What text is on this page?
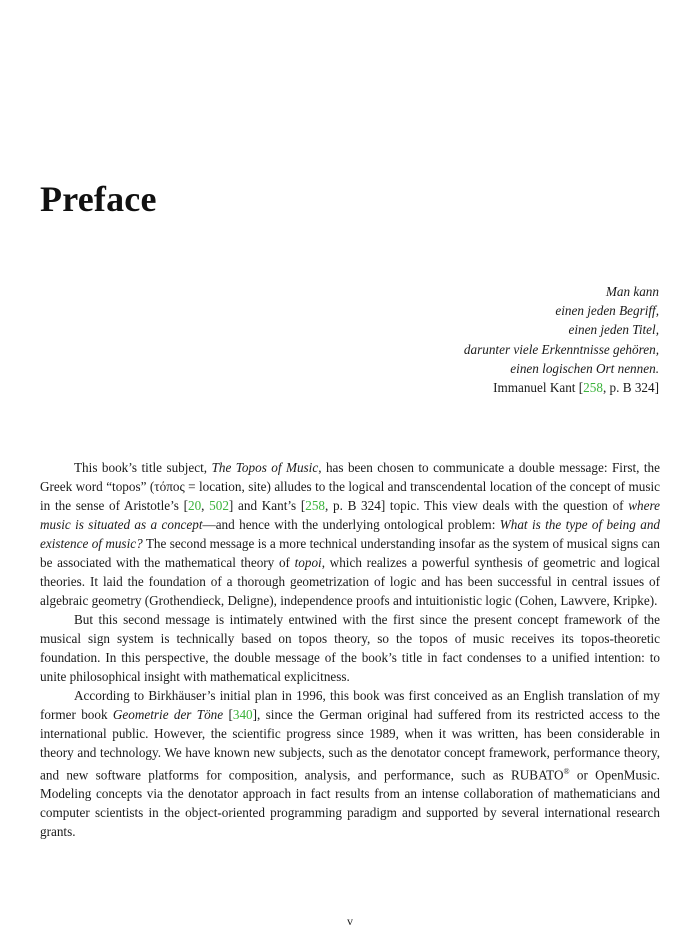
Preface
Man kann
einen jeden Begriff,
einen jeden Titel,
darunter viele Erkenntnisse gehören,
einen logischen Ort nennen.
Immanuel Kant [258, p. B 324]

This book’s title subject, The Topos of Music, has been chosen to communicate a double message: First, the Greek word “topos” (τόπος = location, site) alludes to the logical and transcendental location of the concept of music in the sense of Aristotle’s [20, 502] and Kant’s [258, p. B 324] topic. This view deals with the question of where music is situated as a concept—and hence with the underlying ontological problem: What is the type of being and existence of music? The second message is a more technical understanding insofar as the system of musical signs can be associated with the mathematical theory of topoi, which realizes a powerful synthesis of geometric and logical theories. It laid the foundation of a thorough geometrization of logic and has been successful in central issues of algebraic geometry (Grothendieck, Deligne), independence proofs and intuitionistic logic (Cohen, Lawvere, Kripke).

But this second message is intimately entwined with the first since the present concept framework of the musical sign system is technically based on topos theory, so the topos of music receives its topos-theoretic foundation. In this perspective, the double message of the book’s title in fact condenses to a unified intention: to unite philosophical insight with mathematical explicitness.

According to Birkhäuser’s initial plan in 1996, this book was first conceived as an English translation of my former book Geometrie der Töne [340], since the German original had suffered from its restricted access to the international public. However, the scientific progress since 1989, when it was written, has been considerable in theory and technology. We have known new subjects, such as the denotator concept framework, performance theory, and new software platforms for composition, analysis, and performance, such as RUBATO® or OpenMusic. Modeling concepts via the denotator approach in fact results from an intense collaboration of mathematicians and computer scientists in the object-oriented programming paradigm and supported by several international research grants.

v
